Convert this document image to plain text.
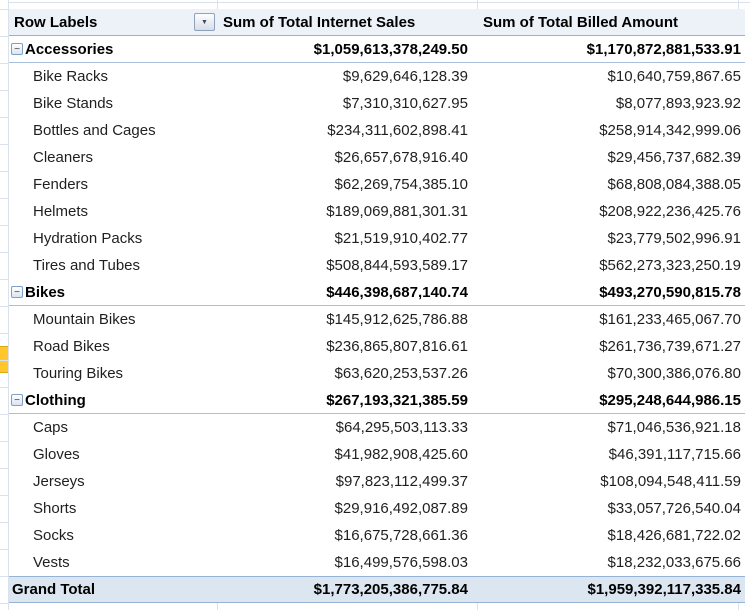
Row Labels	▼	Sum of Total Internet Sales	Sum of Total Billed Amount
− Accessories	$1,059,613,378,249.50	$1,170,872,881,533.91
Bike Racks	$9,629,646,128.39	$10,640,759,867.65
Bike Stands	$7,310,310,627.95	$8,077,893,923.92
Bottles and Cages	$234,311,602,898.41	$258,914,342,999.06
Cleaners	$26,657,678,916.40	$29,456,737,682.39
Fenders	$62,269,754,385.10	$68,808,084,388.05
Helmets	$189,069,881,301.31	$208,922,236,425.76
Hydration Packs	$21,519,910,402.77	$23,779,502,996.91
Tires and Tubes	$508,844,593,589.17	$562,273,323,250.19
− Bikes	$446,398,687,140.74	$493,270,590,815.78
Mountain Bikes	$145,912,625,786.88	$161,233,465,067.70
Road Bikes	$236,865,807,816.61	$261,736,739,671.27
Touring Bikes	$63,620,253,537.26	$70,300,386,076.80
− Clothing	$267,193,321,385.59	$295,248,644,986.15
Caps	$64,295,503,113.33	$71,046,536,921.18
Gloves	$41,982,908,425.60	$46,391,117,715.66
Jerseys	$97,823,112,499.37	$108,094,548,411.59
Shorts	$29,916,492,087.89	$33,057,726,540.04
Socks	$16,675,728,661.36	$18,426,681,722.02
Vests	$16,499,576,598.03	$18,232,033,675.66
Grand Total	$1,773,205,386,775.84	$1,959,392,117,335.84
